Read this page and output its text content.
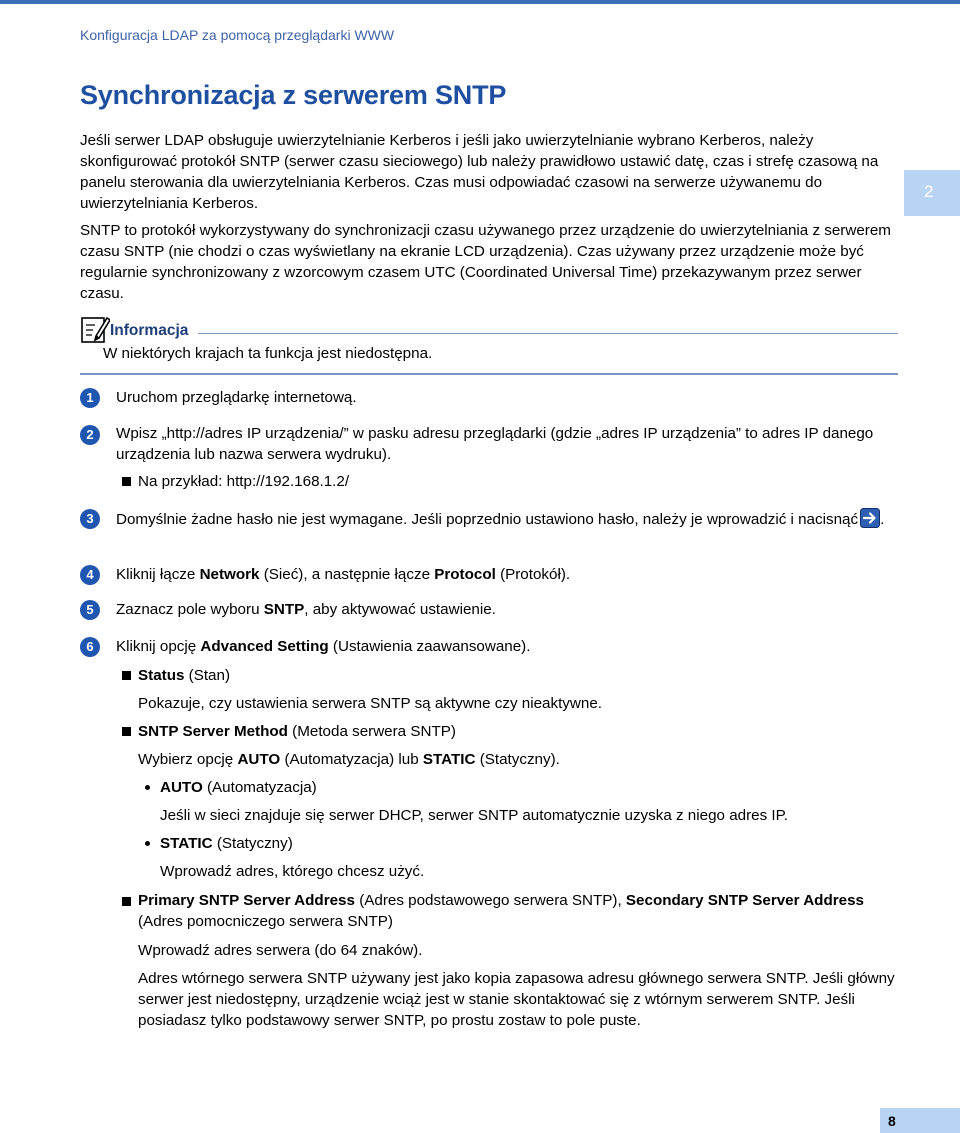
Konfiguracja LDAP za pomocą przeglądarki WWW
Synchronizacja z serwerem SNTP

Jeśli serwer LDAP obsługuje uwierzytelnianie Kerberos i jeśli jako uwierzytelnianie wybrano Kerberos, należy skonfigurować protokół SNTP (serwer czasu sieciowego) lub należy prawidłowo ustawić datę, czas i strefę czasową na panelu sterowania dla uwierzytelniania Kerberos. Czas musi odpowiadać czasowi na serwerze używanemu do uwierzytelniania Kerberos.

2

SNTP to protokół wykorzystywany do synchronizacji czasu używanego przez urządzenie do uwierzytelniania z serwerem czasu SNTP (nie chodzi o czas wyświetlany na ekranie LCD urządzenia). Czas używany przez urządzenie może być regularnie synchronizowany z wzorcowym czasem UTC (Coordinated Universal Time) przekazywanym przez serwer czasu.

Informacja
W niektórych krajach ta funkcja jest niedostępna.
1	Uruchom przeglądarkę internetową.

2	Wpisz „http://adres IP urządzenia/” w pasku adresu przeglądarki (gdzie „adres IP urządzenia” to adres IP danego urządzenia lub nazwa serwera wydruku).

Na przykład: http://192.168.1.2/

3	Domyślnie żadne hasło nie jest wymagane. Jeśli poprzednio ustawiono hasło, należy je wprowadzić i nacisnąć .

4	Kliknij łącze Network (Sieć), a następnie łącze Protocol (Protokół).

5	Zaznacz pole wyboru SNTP, aby aktywować ustawienie.

6	Kliknij opcję Advanced Setting (Ustawienia zaawansowane).

Status (Stan)

Pokazuje, czy ustawienia serwera SNTP są aktywne czy nieaktywne.

SNTP Server Method (Metoda serwera SNTP)

Wybierz opcję AUTO (Automatyzacja) lub STATIC (Statyczny).

AUTO (Automatyzacja)

Jeśli w sieci znajduje się serwer DHCP, serwer SNTP automatycznie uzyska z niego adres IP.

STATIC (Statyczny)

Wprowadź adres, którego chcesz użyć.

Primary SNTP Server Address (Adres podstawowego serwera SNTP), Secondary SNTP Server Address (Adres pomocniczego serwera SNTP)

Wprowadź adres serwera (do 64 znaków).

Adres wtórnego serwera SNTP używany jest jako kopia zapasowa adresu głównego serwera SNTP. Jeśli główny serwer jest niedostępny, urządzenie wciąż jest w stanie skontaktować się z wtórnym serwerem SNTP. Jeśli posiadasz tylko podstawowy serwer SNTP, po prostu zostaw to pole puste.

8
